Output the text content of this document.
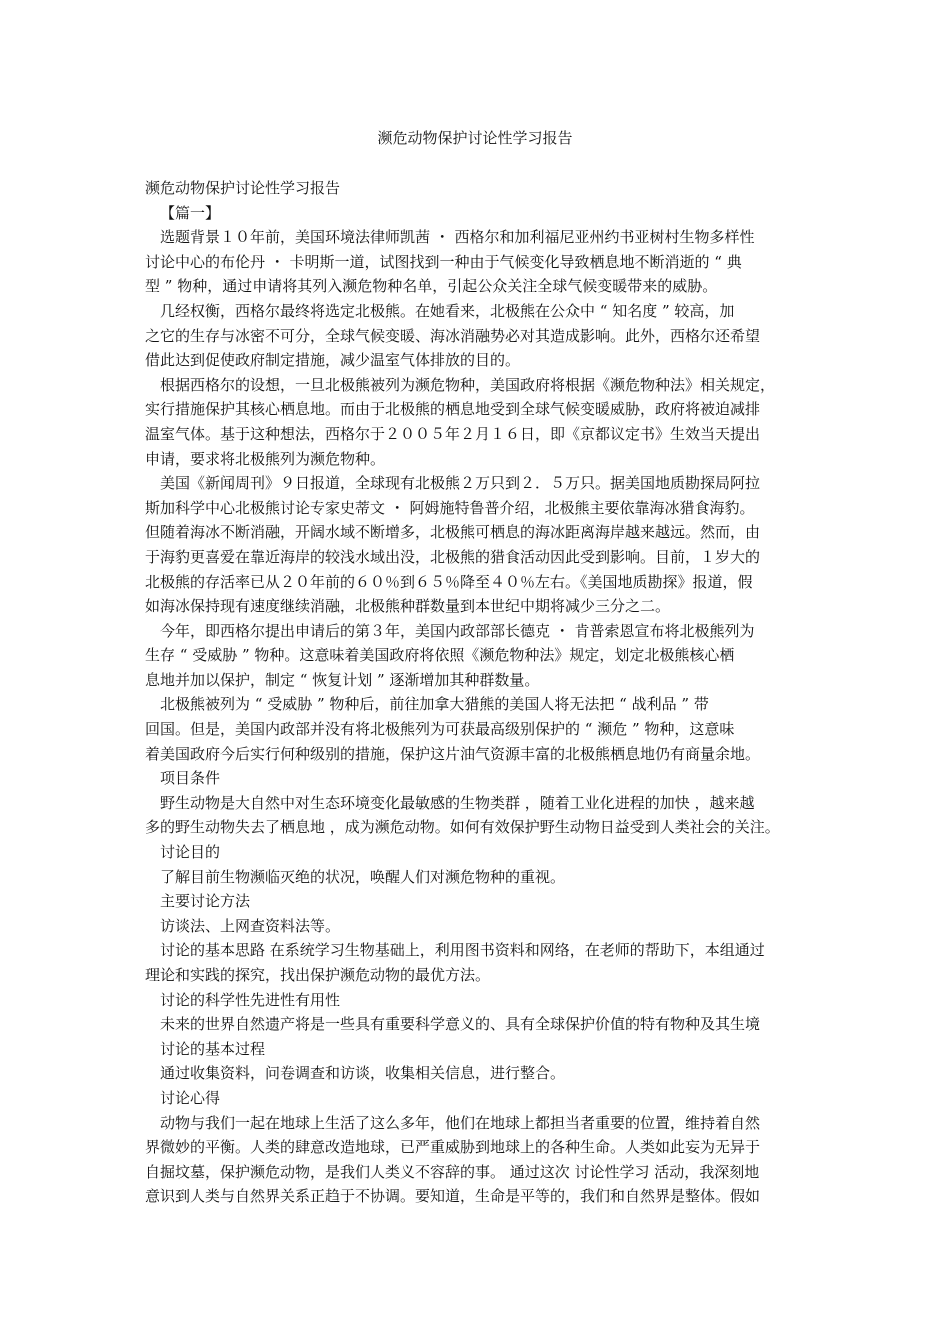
濒危动物保护讨论性学习报告
濒危动物保护讨论性学习报告
【篇一】
选题背景１０年前，美国环境法律师凯茜 ・ 西格尔和加利福尼亚州约书亚树村生物多样性
讨论中心的布伦丹 ・ 卡明斯一道，试图找到一种由于气候变化导致栖息地不断消逝的 “ 典
型 ” 物种，通过申请将其列入濒危物种名单，引起公众关注全球气候变暖带来的威胁。
几经权衡，西格尔最终将选定北极熊。在她看来，北极熊在公众中 “ 知名度 ” 较高，加
之它的生存与冰密不可分，全球气候变暖、海冰消融势必对其造成影响。此外，西格尔还希望
借此达到促使政府制定措施，减少温室气体排放的目的。
根据西格尔的设想，一旦北极熊被列为濒危物种，美国政府将根据《濒危物种法》相关规定，
实行措施保护其核心栖息地。而由于北极熊的栖息地受到全球气候变暖威胁，政府将被迫减排
温室气体。基于这种想法，西格尔于２００５年２月１６日，即《京都议定书》生效当天提出
申请，要求将北极熊列为濒危物种。
美国《新闻周刊》９日报道，全球现有北极熊２万只到２．５万只。据美国地质勘探局阿拉
斯加科学中心北极熊讨论专家史蒂文 ・ 阿姆施特鲁普介绍，北极熊主要依靠海冰猎食海豹。
但随着海冰不断消融，开阔水域不断增多，北极熊可栖息的海冰距离海岸越来越远。然而，由
于海豹更喜爱在靠近海岸的较浅水域出没，北极熊的猎食活动因此受到影响。目前，１岁大的
北极熊的存活率已从２０年前的６０％到６５％降至４０％左右。《美国地质勘探》报道，假
如海冰保持现有速度继续消融，北极熊种群数量到本世纪中期将减少三分之二。
今年，即西格尔提出申请后的第３年，美国内政部部长德克 ・ 肯普索恩宣布将北极熊列为
生存 “ 受威胁 ” 物种。这意味着美国政府将依照《濒危物种法》规定，划定北极熊核心栖
息地并加以保护，制定 “ 恢复计划 ” 逐渐增加其种群数量。
北极熊被列为 “ 受威胁 ” 物种后，前往加拿大猎熊的美国人将无法把 “ 战利品 ” 带
回国。但是，美国内政部并没有将北极熊列为可获最高级别保护的 “ 濒危 ” 物种，这意味
着美国政府今后实行何种级别的措施，保护这片油气资源丰富的北极熊栖息地仍有商量余地。
项目条件
野生动物是大自然中对生态环境变化最敏感的生物类群 ，随着工业化进程的加快 ，越来越
多的野生动物失去了栖息地 ，成为濒危动物。如何有效保护野生动物日益受到人类社会的关注。
讨论目的
了解目前生物濒临灭绝的状况，唤醒人们对濒危物种的重视。
主要讨论方法
访谈法、上网查资料法等。
讨论的基本思路 在系统学习生物基础上，利用图书资料和网络，在老师的帮助下，本组通过
理论和实践的探究，找出保护濒危动物的最优方法。
讨论的科学性先进性有用性
未来的世界自然遗产将是一些具有重要科学意义的、具有全球保护价值的特有物种及其生境
讨论的基本过程
通过收集资料，问卷调查和访谈，收集相关信息，进行整合。
讨论心得
动物与我们一起在地球上生活了这么多年，他们在地球上都担当者重要的位置，维持着自然
界微妙的平衡。人类的肆意改造地球，已严重威胁到地球上的各种生命。人类如此妄为无异于
自掘坟墓，保护濒危动物，是我们人类义不容辞的事。 通过这次 讨论性学习 活动，我深刻地
意识到人类与自然界关系正趋于不协调。要知道，生命是平等的，我们和自然界是整体。假如
